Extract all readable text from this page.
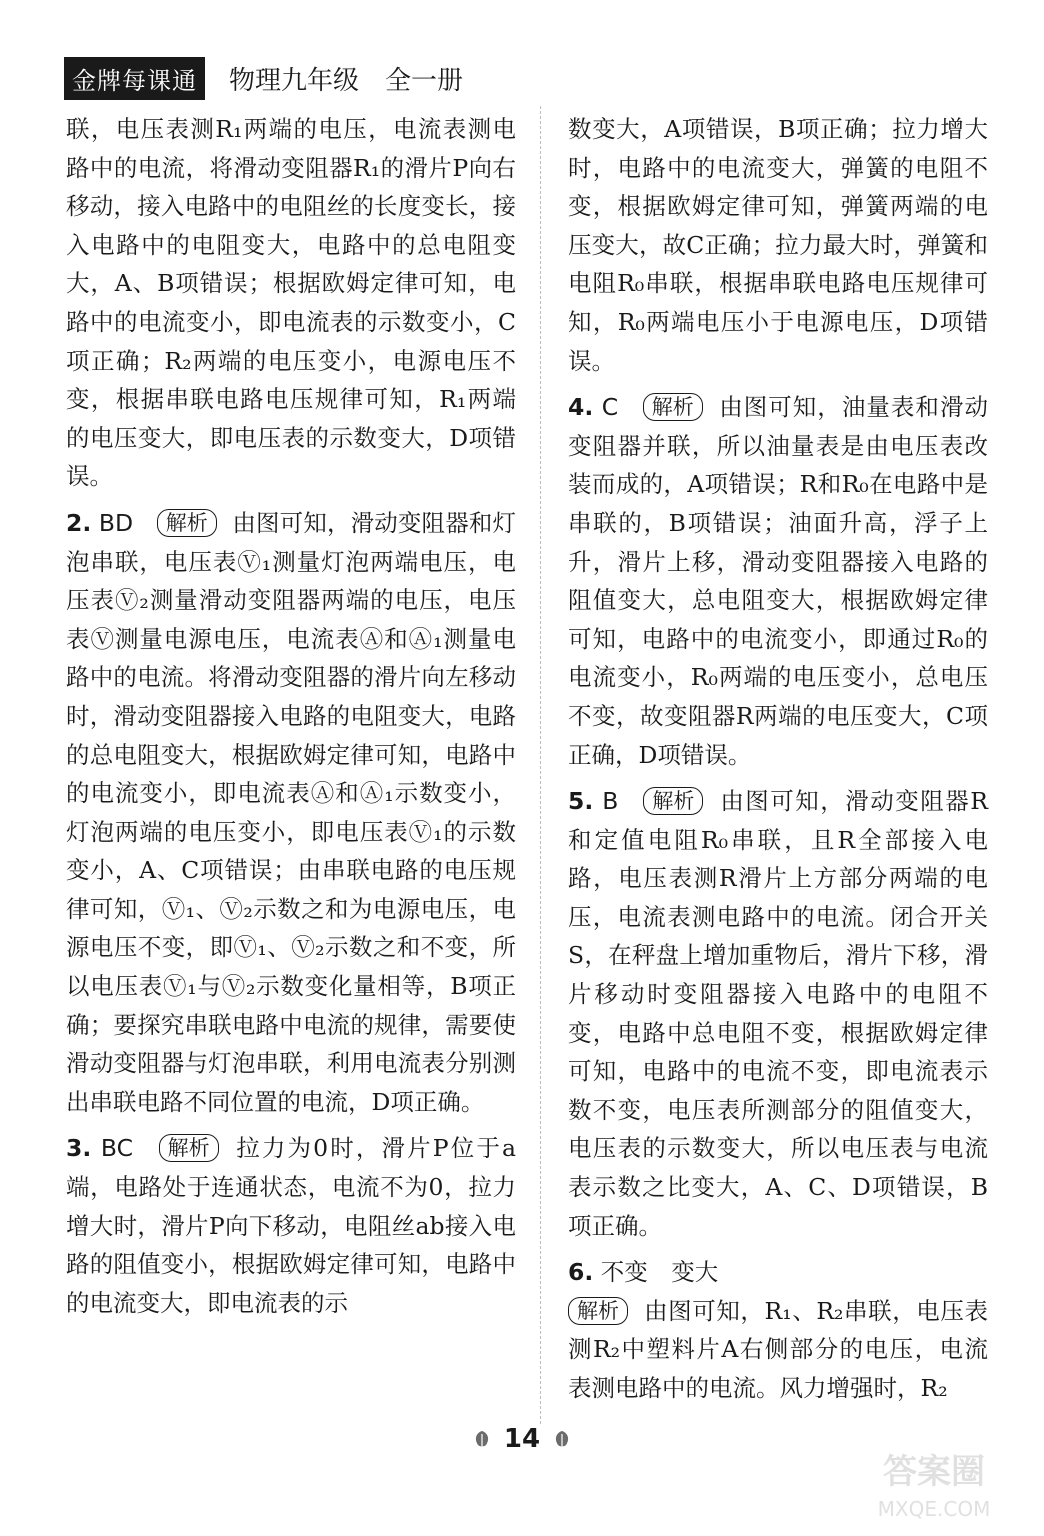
金牌每课通	物理九年级　全一册

联，电压表测R₁两端的电压，电流表测电路中的电流，将滑动变阻器R₁的滑片P向右移动，接入电路中的电阻丝的长度变长，接入电路中的电阻变大，电路中的总电阻变大，A、B项错误；根据欧姆定律可知，电路中的电流变小，即电流表的示数变小，C项正确；R₂两端的电压变小，电源电压不变，根据串联电路电压规律可知，R₁两端的电压变大，即电压表的示数变大，D项错误。

2. BD 解析 由图可知，滑动变阻器和灯泡串联，电压表Ⓥ₁测量灯泡两端电压，电压表Ⓥ₂测量滑动变阻器两端的电压，电压表Ⓥ测量电源电压，电流表Ⓐ和Ⓐ₁测量电路中的电流。将滑动变阻器的滑片向左移动时，滑动变阻器接入电路的电阻变大，电路的总电阻变大，根据欧姆定律可知，电路中的电流变小，即电流表Ⓐ和Ⓐ₁示数变小，灯泡两端的电压变小，即电压表Ⓥ₁的示数变小，A、C项错误；由串联电路的电压规律可知，Ⓥ₁、Ⓥ₂示数之和为电源电压，电源电压不变，即Ⓥ₁、Ⓥ₂示数之和不变，所以电压表Ⓥ₁与Ⓥ₂示数变化量相等，B项正确；要探究串联电路中电流的规律，需要使滑动变阻器与灯泡串联，利用电流表分别测出串联电路不同位置的电流，D项正确。

3. BC 解析 拉力为0时，滑片P位于a端，电路处于连通状态，电流不为0，拉力增大时，滑片P向下移动，电阻丝ab接入电路的阻值变小，根据欧姆定律可知，电路中的电流变大，即电流表的示

数变大，A项错误，B项正确；拉力增大时，电路中的电流变大，弹簧的电阻不变，根据欧姆定律可知，弹簧两端的电压变大，故C正确；拉力最大时，弹簧和电阻R₀串联，根据串联电路电压规律可知，R₀两端电压小于电源电压，D项错误。

4. C 解析 由图可知，油量表和滑动变阻器并联，所以油量表是由电压表改装而成的，A项错误；R和R₀在电路中是串联的，B项错误；油面升高，浮子上升，滑片上移，滑动变阻器接入电路的阻值变大，总电阻变大，根据欧姆定律可知，电路中的电流变小，即通过R₀的电流变小，R₀两端的电压变小，总电压不变，故变阻器R两端的电压变大，C项正确，D项错误。

5. B 解析 由图可知，滑动变阻器R和定值电阻R₀串联，且R全部接入电路，电压表测R滑片上方部分两端的电压，电流表测电路中的电流。闭合开关S，在秤盘上增加重物后，滑片下移，滑片移动时变阻器接入电路中的电阻不变，电路中总电阻不变，根据欧姆定律可知，电路中的电流不变，即电流表示数不变，电压表所测部分的阻值变大，电压表的示数变大，所以电压表与电流表示数之比变大，A、C、D项错误，B项正确。

6. 不变　变大
解析 由图可知，R₁、R₂串联，电压表测R₂中塑料片A右侧部分的电压，电流表测电路中的电流。风力增强时，R₂

14
答案圈
MXQE.COM
